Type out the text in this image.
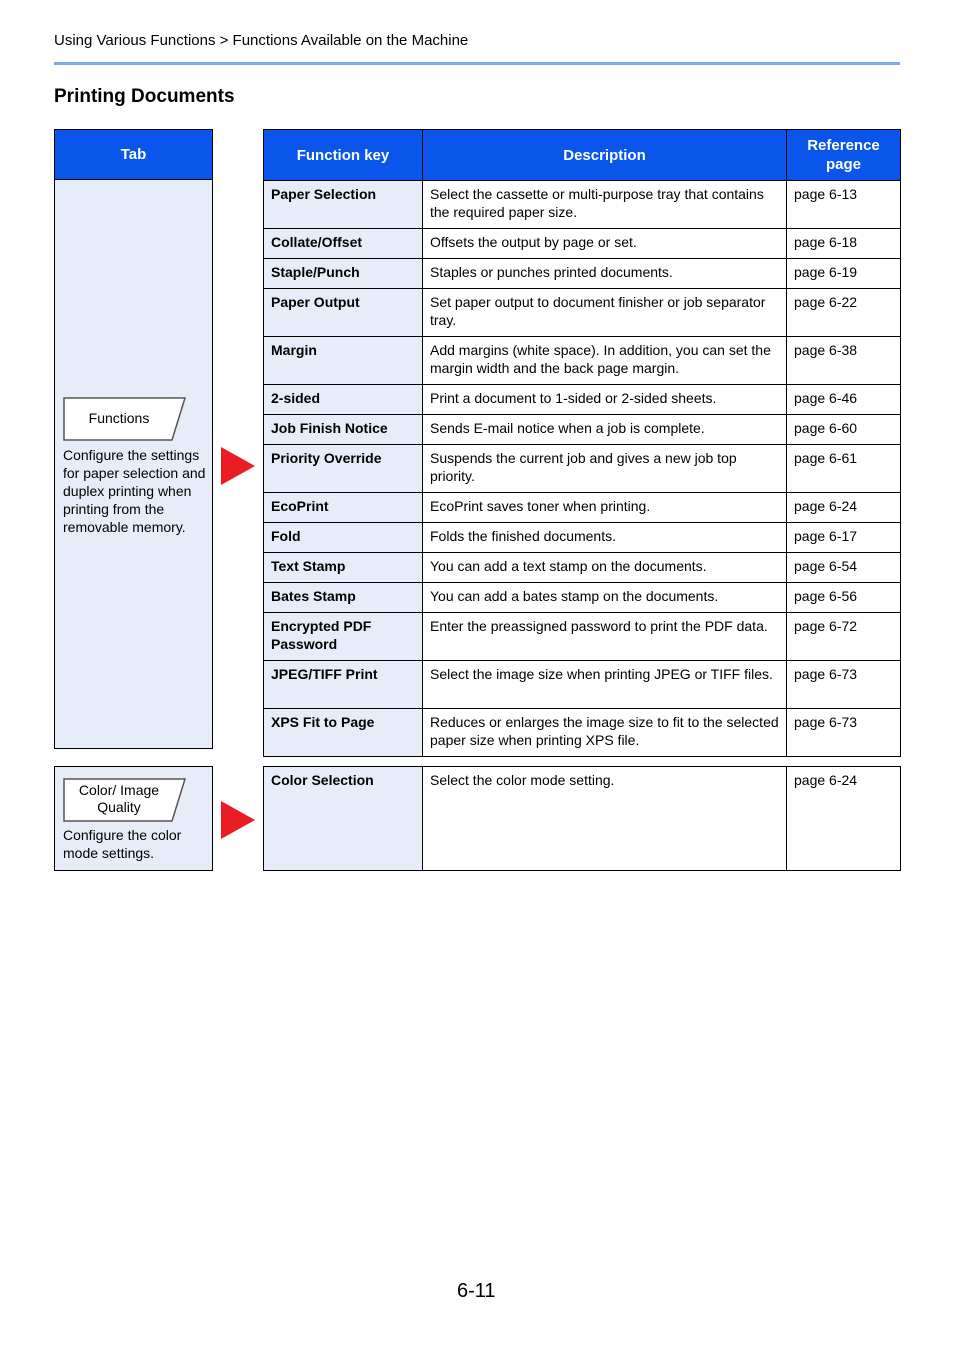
Using Various Functions > Functions Available on the Machine
Printing Documents
Tab
Functions
Configure the settings for paper selection and duplex printing when printing from the removable memory.
Function key	Description	Reference page
Paper Selection	Select the cassette or multi-purpose tray that contains the required paper size.	page 6-13
Collate/Offset	Offsets the output by page or set.	page 6-18
Staple/Punch	Staples or punches printed documents.	page 6-19
Paper Output	Set paper output to document finisher or job separator tray.	page 6-22
Margin	Add margins (white space). In addition, you can set the margin width and the back page margin.	page 6-38
2-sided	Print a document to 1-sided or 2-sided sheets.	page 6-46
Job Finish Notice	Sends E-mail notice when a job is complete.	page 6-60
Priority Override	Suspends the current job and gives a new job top priority.	page 6-61
EcoPrint	EcoPrint saves toner when printing.	page 6-24
Fold	Folds the finished documents.	page 6-17
Text Stamp	You can add a text stamp on the documents.	page 6-54
Bates Stamp	You can add a bates stamp on the documents.	page 6-56
Encrypted PDF Password	Enter the preassigned password to print the PDF data.	page 6-72
JPEG/TIFF Print	Select the image size when printing JPEG or TIFF files.	page 6-73
XPS Fit to Page	Reduces or enlarges the image size to fit to the selected paper size when printing XPS file.	page 6-73
Color/ Image Quality
Configure the color mode settings.
Color Selection	Select the color mode setting.	page 6-24
6-11
